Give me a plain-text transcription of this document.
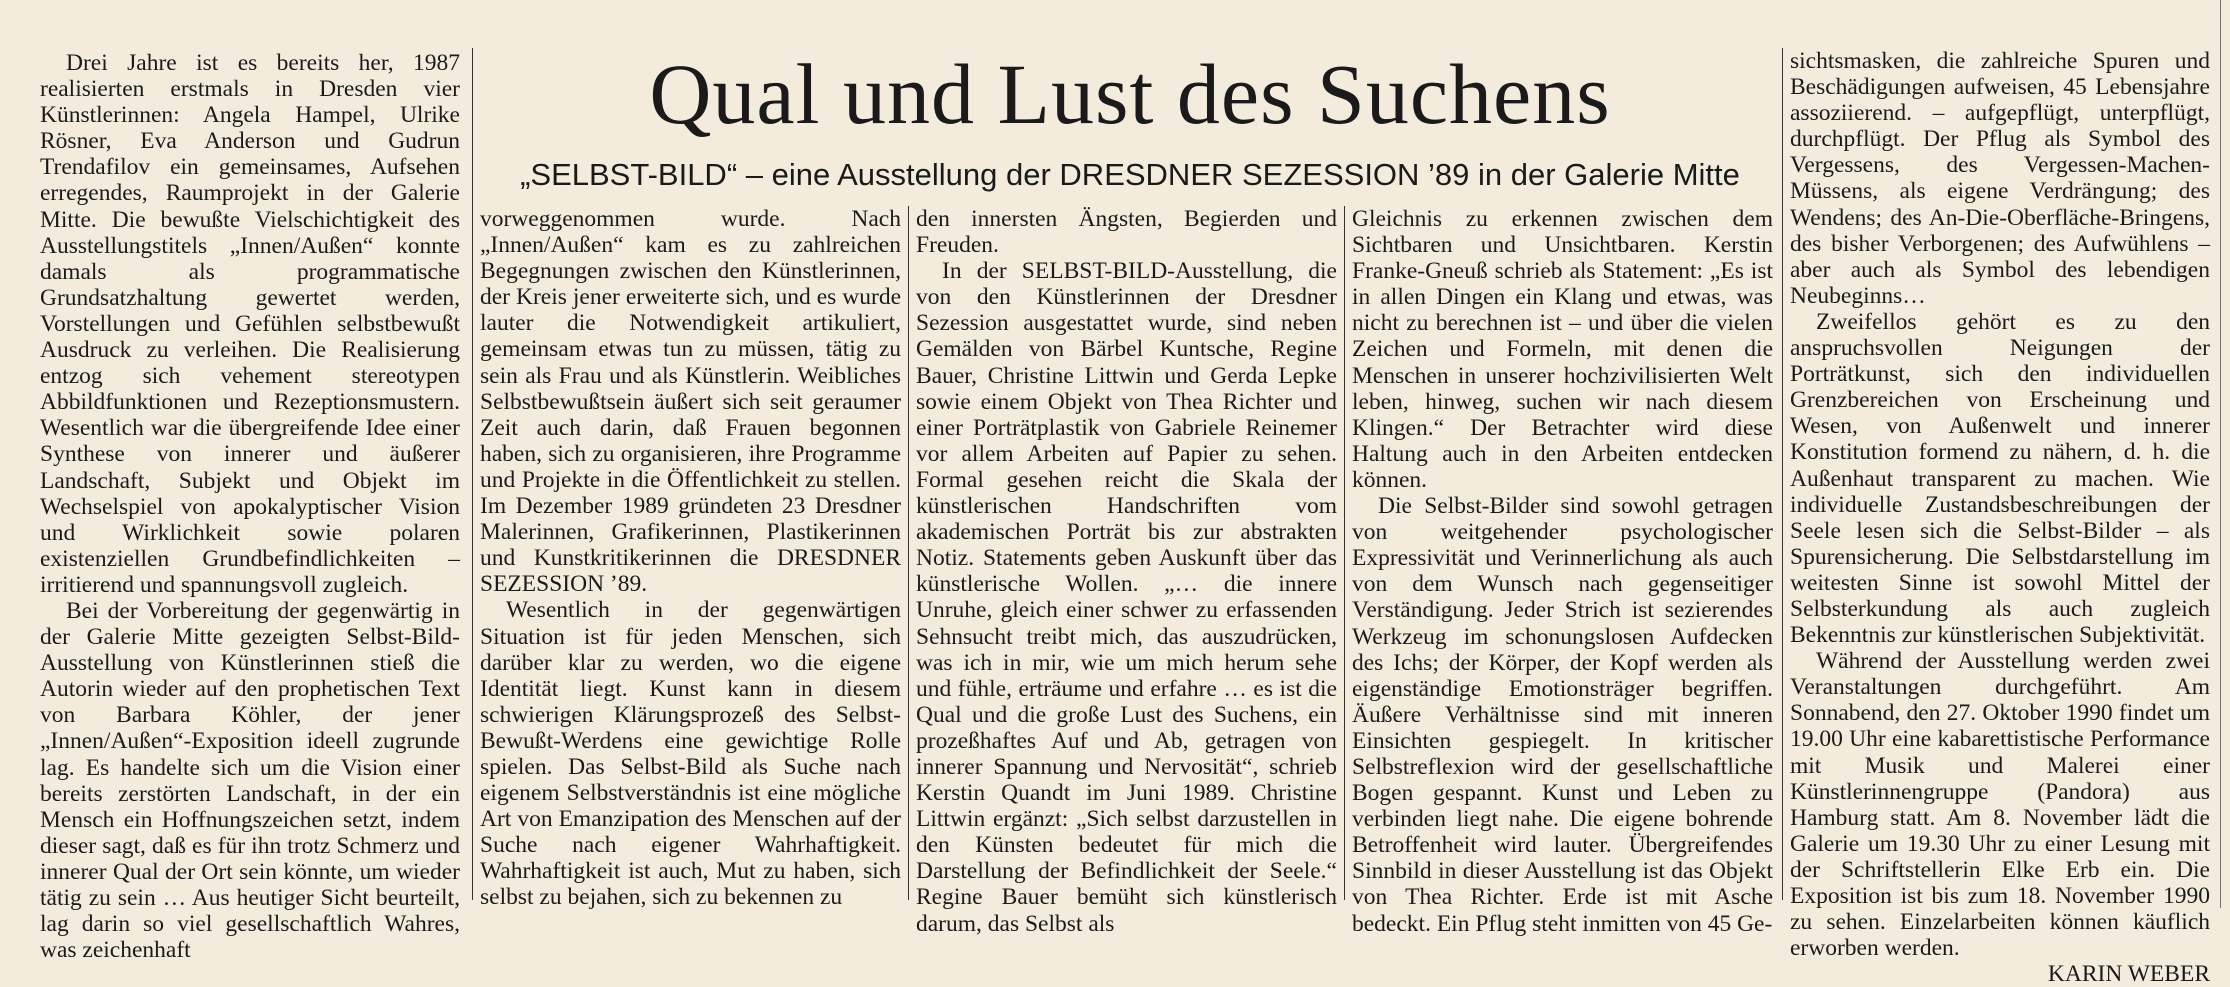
Drei Jahre ist es bereits her, 1987 realisierten erstmals in Dresden vier Künstlerinnen: Angela Hampel, Ulrike Rösner, Eva Anderson und Gudrun Trendafilov ein gemeinsames, Aufsehen erregendes, Raumprojekt in der Galerie Mitte. Die bewußte Vielschichtigkeit des Ausstellungstitels „Innen/Außen“ konnte damals als programmatische Grundsatzhaltung gewertet werden, Vorstellungen und Gefühlen selbstbewußt Ausdruck zu verleihen. Die Realisierung entzog sich vehement stereotypen Abbildfunktionen und Rezeptionsmustern. Wesentlich war die übergreifende Idee einer Synthese von innerer und äußerer Landschaft, Subjekt und Objekt im Wechselspiel von apokalyptischer Vision und Wirklichkeit sowie polaren existenziellen Grundbefindlichkeiten – irritierend und spannungsvoll zugleich.

Bei der Vorbereitung der gegenwärtig in der Galerie Mitte gezeigten Selbst-Bild-Ausstellung von Künstlerinnen stieß die Autorin wieder auf den prophetischen Text von Barbara Köhler, der jener „Innen/Außen“-Exposition ideell zugrunde lag. Es handelte sich um die Vision einer bereits zerstörten Landschaft, in der ein Mensch ein Hoffnungszeichen setzt, indem dieser sagt, daß es für ihn trotz Schmerz und innerer Qual der Ort sein könnte, um wieder tätig zu sein … Aus heutiger Sicht beurteilt, lag darin so viel gesellschaftlich Wahres, was zeichenhaft

Qual und Lust des Suchens
„SELBST-BILD“ – eine Ausstellung der DRESDNER SEZESSION ’89 in der Galerie Mitte

vorweggenommen wurde. Nach „Innen/Außen“ kam es zu zahlreichen Begegnungen zwischen den Künstlerinnen, der Kreis jener erweiterte sich, und es wurde lauter die Notwendigkeit artikuliert, gemeinsam etwas tun zu müssen, tätig zu sein als Frau und als Künstlerin. Weibliches Selbstbewußtsein äußert sich seit geraumer Zeit auch darin, daß Frauen begonnen haben, sich zu organisieren, ihre Programme und Projekte in die Öffentlichkeit zu stellen. Im Dezember 1989 gründeten 23 Dresdner Malerinnen, Grafikerinnen, Plastikerinnen und Kunstkritikerinnen die DRESDNER SEZESSION ’89.

Wesentlich in der gegenwärtigen Situation ist für jeden Menschen, sich darüber klar zu werden, wo die eigene Identität liegt. Kunst kann in diesem schwierigen Klärungsprozeß des Selbst-Bewußt-Werdens eine gewichtige Rolle spielen. Das Selbst-Bild als Suche nach eigenem Selbstverständnis ist eine mögliche Art von Emanzipation des Menschen auf der Suche nach eigener Wahrhaftigkeit. Wahrhaftigkeit ist auch, Mut zu haben, sich selbst zu bejahen, sich zu bekennen zu

den innersten Ängsten, Begierden und Freuden.

In der SELBST-BILD-Ausstellung, die von den Künstlerinnen der Dresdner Sezession ausgestattet wurde, sind neben Gemälden von Bärbel Kuntsche, Regine Bauer, Christine Littwin und Gerda Lepke sowie einem Objekt von Thea Richter und einer Porträtplastik von Gabriele Reinemer vor allem Arbeiten auf Papier zu sehen. Formal gesehen reicht die Skala der künstlerischen Handschriften vom akademischen Porträt bis zur abstrakten Notiz. Statements geben Auskunft über das künstlerische Wollen. „… die innere Unruhe, gleich einer schwer zu erfassenden Sehnsucht treibt mich, das auszudrücken, was ich in mir, wie um mich herum sehe und fühle, erträume und erfahre … es ist die Qual und die große Lust des Suchens, ein prozeßhaftes Auf und Ab, getragen von innerer Spannung und Nervosität“, schrieb Kerstin Quandt im Juni 1989. Christine Littwin ergänzt: „Sich selbst darzustellen in den Künsten bedeutet für mich die Darstellung der Befindlichkeit der Seele.“ Regine Bauer bemüht sich künstlerisch darum, das Selbst als

Gleichnis zu erkennen zwischen dem Sichtbaren und Unsichtbaren. Kerstin Franke-Gneuß schrieb als Statement: „Es ist in allen Dingen ein Klang und etwas, was nicht zu berechnen ist – und über die vielen Zeichen und Formeln, mit denen die Menschen in unserer hochzivilisierten Welt leben, hinweg, suchen wir nach diesem Klingen.“ Der Betrachter wird diese Haltung auch in den Arbeiten entdecken können.

Die Selbst-Bilder sind sowohl getragen von weitgehender psychologischer Expressivität und Verinnerlichung als auch von dem Wunsch nach gegenseitiger Verständigung. Jeder Strich ist sezierendes Werkzeug im schonungslosen Aufdecken des Ichs; der Körper, der Kopf werden als eigenständige Emotionsträger begriffen. Äußere Verhältnisse sind mit inneren Einsichten gespiegelt. In kritischer Selbstreflexion wird der gesellschaftliche Bogen gespannt. Kunst und Leben zu verbinden liegt nahe. Die eigene bohrende Betroffenheit wird lauter. Übergreifendes Sinnbild in dieser Ausstellung ist das Objekt von Thea Richter. Erde ist mit Asche bedeckt. Ein Pflug steht inmitten von 45 Ge-

sichtsmasken, die zahlreiche Spuren und Beschädigungen aufweisen, 45 Lebensjahre assoziierend. – aufgepflügt, unterpflügt, durchpflügt. Der Pflug als Symbol des Vergessens, des Vergessen-Machen-Müssens, als eigene Verdrängung; des Wendens; des An-Die-Oberfläche-Bringens, des bisher Verborgenen; des Aufwühlens – aber auch als Symbol des lebendigen Neubeginns…

Zweifellos gehört es zu den anspruchsvollen Neigungen der Porträtkunst, sich den individuellen Grenzbereichen von Erscheinung und Wesen, von Außenwelt und innerer Konstitution formend zu nähern, d. h. die Außenhaut transparent zu machen. Wie individuelle Zustandsbeschreibungen der Seele lesen sich die Selbst-Bilder – als Spurensicherung. Die Selbstdarstellung im weitesten Sinne ist sowohl Mittel der Selbsterkundung als auch zugleich Bekenntnis zur künstlerischen Subjektivität.

Während der Ausstellung werden zwei Veranstaltungen durchgeführt. Am Sonnabend, den 27. Oktober 1990 findet um 19.00 Uhr eine kabarettistische Performance mit Musik und Malerei einer Künstlerinnengruppe (Pandora) aus Hamburg statt. Am 8. November lädt die Galerie um 19.30 Uhr zu einer Lesung mit der Schriftstellerin Elke Erb ein. Die Exposition ist bis zum 18. November 1990 zu sehen. Einzelarbeiten können käuflich erworben werden.

KARIN WEBER
